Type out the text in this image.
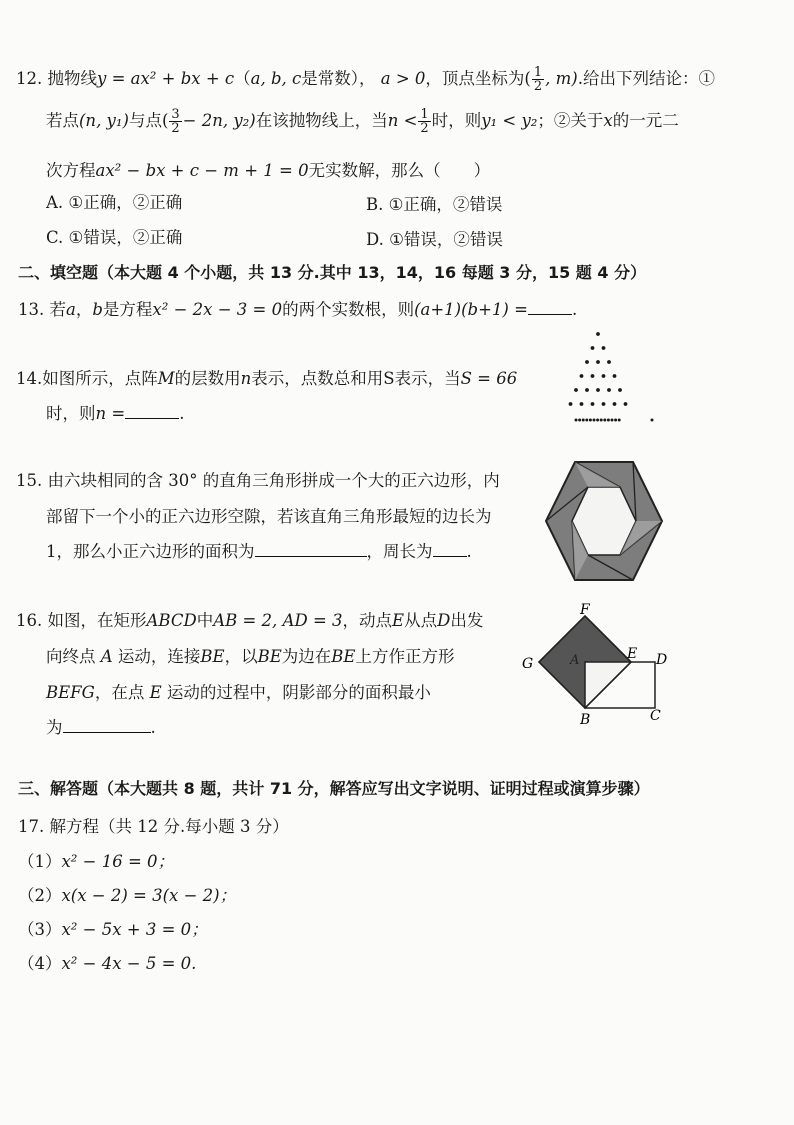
12. 抛物线y = ax² + bx + c（a, b, c是常数）， a > 0，顶点坐标为( $\frac{1}{2}$ , m).给出下列结论：①
若点(n, y₁)与点( $\frac{3}{2} - 2n$, y₂)在该抛物线上，当$n < \frac{1}{2}$ 时，则y₁ < y₂；②关于x的一元二
次方程ax² − bx + c − m + 1 = 0无实数解，那么（　　）
A. ①正确，②正确	B. ①正确，②错误
C. ①错误，②正确	D. ①错误，②错误
二、填空题（本大题 4 个小题，共 13 分.其中 13，14，16 每题 3 分，15 题 4 分）
13. 若a，b是方程x² − 2x − 3 = 0的两个实数根，则(a+1)(b+1) =	.
14.如图所示，点阵M的层数用n表示，点数总和用S表示，当S = 66
时，则n =	.
15. 由六块相同的含 30° 的直角三角形拼成一个大的正六边形，内
部留下一个小的正六边形空隙，若该直角三角形最短的边长为
1，那么小正六边形的面积为	，周长为 .
16. 如图，在矩形ABCD中AB = 2, AD = 3，动点E从点D出发
向终点 A 运动，连接BE，以BE为边在BE上方作正方形
BEFG，在点 E 运动的过程中，阴影部分的面积最小
为	.
F
G	A	E D
B	C
三、解答题（本大题共 8 题，共计 71 分，解答应写出文字说明、证明过程或演算步骤）
17. 解方程（共 12 分.每小题 3 分）
（1）x² − 16 = 0；
（2）x(x − 2) = 3(x − 2)；
（3）x² − 5x + 3 = 0；
（4）x² − 4x − 5 = 0.
